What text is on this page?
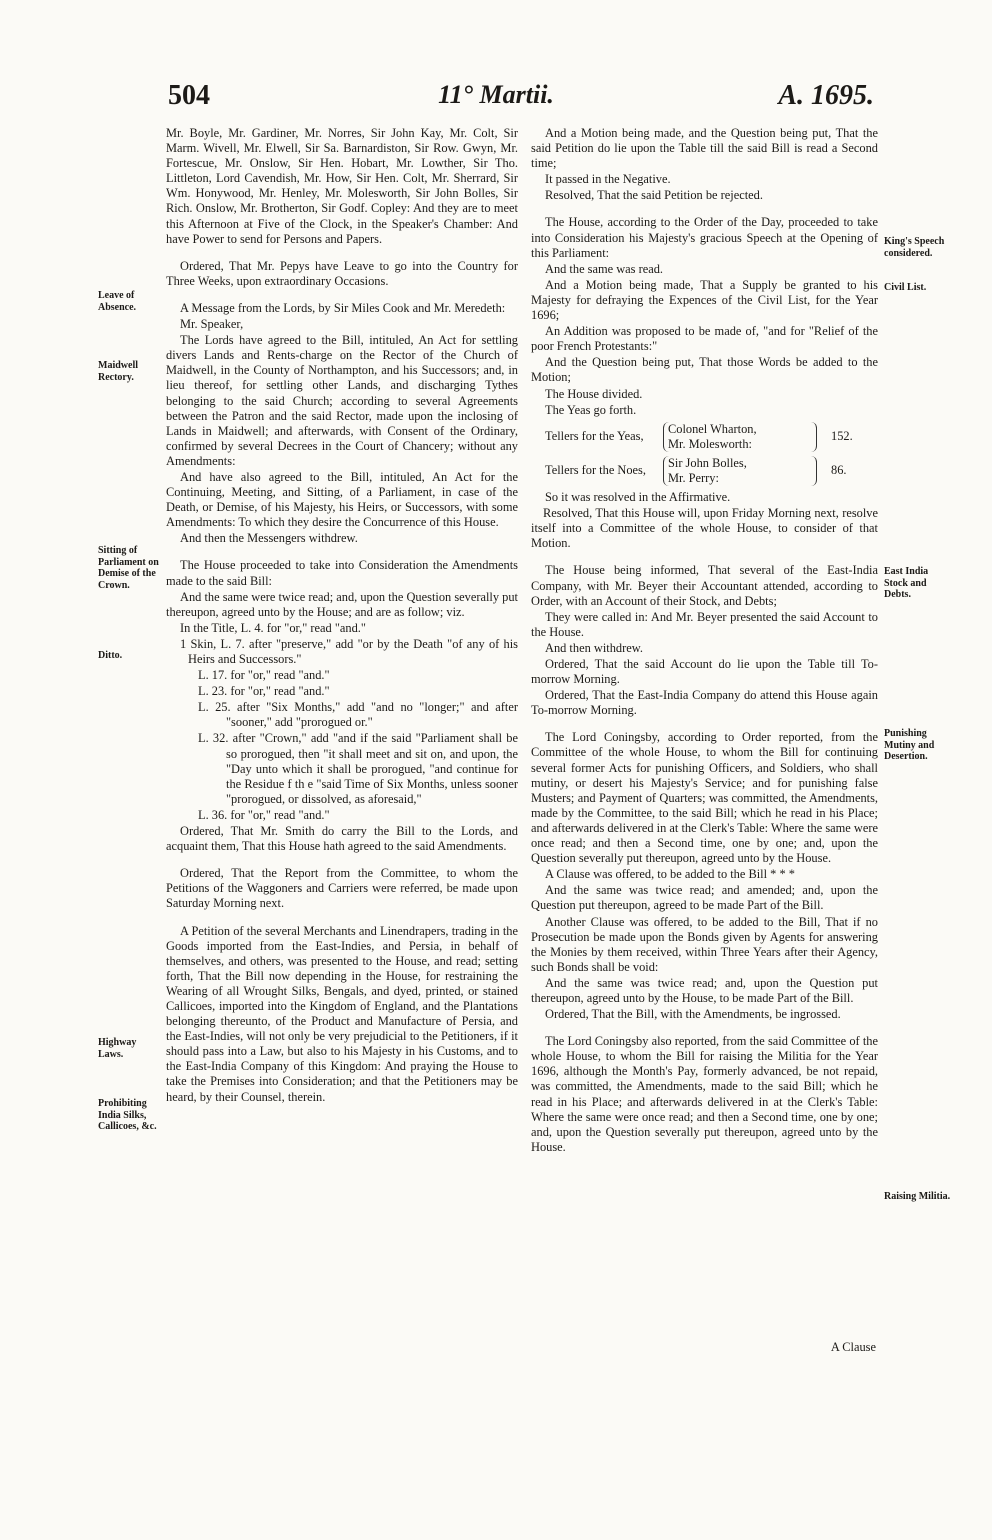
504	11° Martii.	A. 1695.
Leave of Absence.
Maidwell Rectory.
Sitting of Parliament on Demise of the Crown.
Ditto.
Highway Laws.
Prohibiting India Silks, Callicoes, &c.
King's Speech considered.
Civil List.
East India Stock and Debts.
Punishing Mutiny and Desertion.
Raising Militia.

Mr. Boyle, Mr. Gardiner, Mr. Norres, Sir John Kay, Mr. Colt, Sir Marm. Wivell, Mr. Elwell, Sir Sa. Barnardiston, Sir Row. Gwyn, Mr. Fortescue, Mr. Onslow, Sir Hen. Hobart, Mr. Lowther, Sir Tho. Littleton, Lord Cavendish, Mr. How, Sir Hen. Colt, Mr. Sherrard, Sir Wm. Honywood, Mr. Henley, Mr. Molesworth, Sir John Bolles, Sir Rich. Onslow, Mr. Brotherton, Sir Godf. Copley: And they are to meet this Afternoon at Five of the Clock, in the Speaker's Chamber: And have Power to send for Persons and Papers.

Ordered, That Mr. Pepys have Leave to go into the Country for Three Weeks, upon extraordinary Occasions.

A Message from the Lords, by Sir Miles Cook and Mr. Meredeth:

Mr. Speaker,

The Lords have agreed to the Bill, intituled, An Act for settling divers Lands and Rents-charge on the Rector of the Church of Maidwell, in the County of Northampton, and his Successors; and, in lieu thereof, for settling other Lands, and discharging Tythes belonging to the said Church; according to several Agreements between the Patron and the said Rector, made upon the inclosing of Lands in Maidwell; and afterwards, with Consent of the Ordinary, confirmed by several Decrees in the Court of Chancery; without any Amendments:

And have also agreed to the Bill, intituled, An Act for the Continuing, Meeting, and Sitting, of a Parliament, in case of the Death, or Demise, of his Majesty, his Heirs, or Successors, with some Amendments: To which they desire the Concurrence of this House.

And then the Messengers withdrew.

The House proceeded to take into Consideration the Amendments made to the said Bill:

And the same were twice read; and, upon the Question severally put thereupon, agreed unto by the House; and are as follow; viz.

In the Title, L. 4. for "or," read "and."

1 Skin, L. 7. after "preserve," add "or by the Death "of any of his Heirs and Successors."

L. 17. for "or," read "and."

L. 23. for "or," read "and."

L. 25. after "Six Months," add "and no "longer;" and after "sooner," add "prorogued or."

L. 32. after "Crown," add "and if the said "Parliament shall be so prorogued, then "it shall meet and sit on, and upon, the "Day unto which it shall be prorogued, "and continue for the Residue f th e "said Time of Six Months, unless sooner "prorogued, or dissolved, as aforesaid,"

L. 36. for "or," read "and."

Ordered, That Mr. Smith do carry the Bill to the Lords, and acquaint them, That this House hath agreed to the said Amendments.

Ordered, That the Report from the Committee, to whom the Petitions of the Waggoners and Carriers were referred, be made upon Saturday Morning next.

A Petition of the several Merchants and Linendrapers, trading in the Goods imported from the East-Indies, and Persia, in behalf of themselves, and others, was presented to the House, and read; setting forth, That the Bill now depending in the House, for restraining the Wearing of all Wrought Silks, Bengals, and dyed, printed, or stained Callicoes, imported into the Kingdom of England, and the Plantations belonging thereunto, of the Product and Manufacture of Persia, and the East-Indies, will not only be very prejudicial to the Petitioners, if it should pass into a Law, but also to his Majesty in his Customs, and to the East-India Company of this Kingdom: And praying the House to take the Premises into Consideration; and that the Petitioners may be heard, by their Counsel, therein.

And a Motion being made, and the Question being put, That the said Petition do lie upon the Table till the said Bill is read a Second time;

It passed in the Negative.

Resolved, That the said Petition be rejected.

The House, according to the Order of the Day, proceeded to take into Consideration his Majesty's gracious Speech at the Opening of this Parliament:

And the same was read.

And a Motion being made, That a Supply be granted to his Majesty for defraying the Expences of the Civil List, for the Year 1696;

An Addition was proposed to be made of, "and for "Relief of the poor French Protestants:"

And the Question being put, That those Words be added to the Motion;

The House divided.

The Yeas go forth.

Tellers for the Yeas,
Colonel Wharton,
Mr. Molesworth:
152.
Tellers for the Noes,
Sir John Bolles,
Mr. Perry:
86.

So it was resolved in the Affirmative.

Resolved, That this House will, upon Friday Morning next, resolve itself into a Committee of the whole House, to consider of that Motion.

The House being informed, That several of the East-India Company, with Mr. Beyer their Accountant attended, according to Order, with an Account of their Stock, and Debts;

They were called in: And Mr. Beyer presented the said Account to the House.

And then withdrew.

Ordered, That the said Account do lie upon the Table till To-morrow Morning.

Ordered, That the East-India Company do attend this House again To-morrow Morning.

The Lord Coningsby, according to Order reported, from the Committee of the whole House, to whom the Bill for continuing several former Acts for punishing Officers, and Soldiers, who shall mutiny, or desert his Majesty's Service; and for punishing false Musters; and Payment of Quarters; was committed, the Amendments, made by the Committee, to the said Bill; which he read in his Place; and afterwards delivered in at the Clerk's Table: Where the same were once read; and then a Second time, one by one; and, upon the Question severally put thereupon, agreed unto by the House.

A Clause was offered, to be added to the Bill * * *

And the same was twice read; and amended; and, upon the Question put thereupon, agreed to be made Part of the Bill.

Another Clause was offered, to be added to the Bill, That if no Prosecution be made upon the Bonds given by Agents for answering the Monies by them received, within Three Years after their Agency, such Bonds shall be void:

And the same was twice read; and, upon the Question put thereupon, agreed unto by the House, to be made Part of the Bill.

Ordered, That the Bill, with the Amendments, be ingrossed.

The Lord Coningsby also reported, from the said Committee of the whole House, to whom the Bill for raising the Militia for the Year 1696, although the Month's Pay, formerly advanced, be not repaid, was committed, the Amendments, made to the said Bill; which he read in his Place; and afterwards delivered in at the Clerk's Table: Where the same were once read; and then a Second time, one by one; and, upon the Question severally put thereupon, agreed unto by the House.

A Clause
